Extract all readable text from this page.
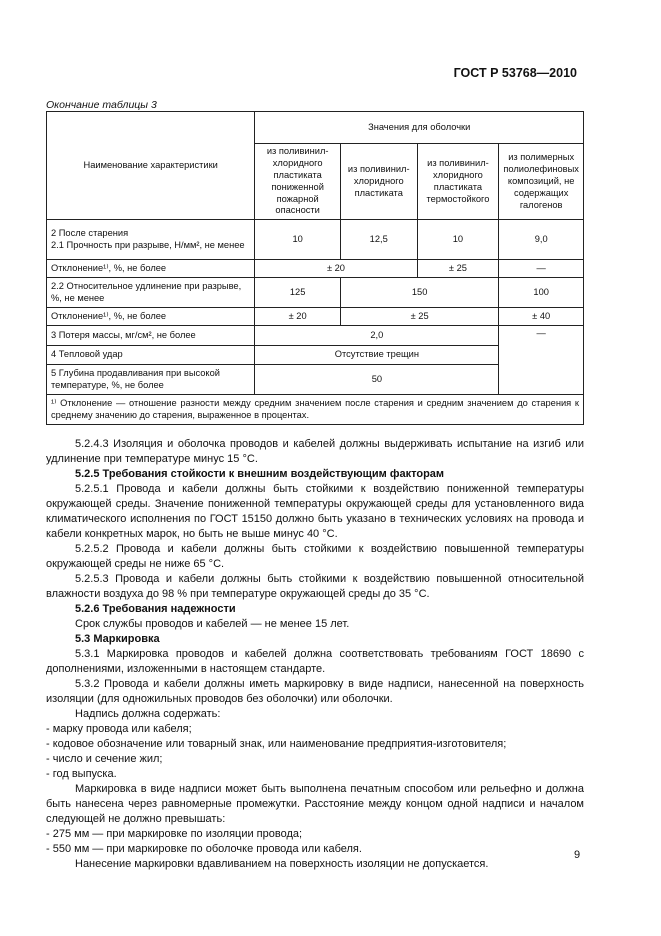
ГОСТ Р 53768—2010
Окончание таблицы 3
Наименование характеристики	Значения для оболочки			
	из поливинил-хлоридного пластиката пониженной пожарной опасности	из поливинил-хлоридного пластиката	из поливинил-хлоридного пластиката термостойкого	из полимерных полиолефиновых композиций, не содержащих галогенов
2 После старения
2.1 Прочность при разрыве, Н/мм², не менее	10	12,5	10	9,0
Отклонение¹⁾, %, не более	± 20		± 25	—
2.2 Относительное удлинение при разрыве, %, не менее	125	150		100
Отклонение¹⁾, %, не более	± 20	± 25		± 40
3 Потеря массы, мг/см², не более	2,0			—
4 Тепловой удар	Отсутствие трещин			
5 Глубина продавливания при высокой температуре, %, не более	50			
¹⁾ Отклонение — отношение разности между средним значением после старения и средним значением до старения к среднему значению до старения, выраженное в процентах.				

5.2.4.3 Изоляция и оболочка проводов и кабелей должны выдерживать испытание на изгиб или удлинение при температуре минус 15 °С.

5.2.5 Требования стойкости к внешним воздействующим факторам

5.2.5.1 Провода и кабели должны быть стойкими к воздействию пониженной температуры окружающей среды. Значение пониженной температуры окружающей среды для установленного вида климатического исполнения по ГОСТ 15150 должно быть указано в технических условиях на провода и кабели конкретных марок, но быть не выше минус 40 °С.

5.2.5.2 Провода и кабели должны быть стойкими к воздействию повышенной температуры окружающей среды не ниже 65 °С.

5.2.5.3 Провода и кабели должны быть стойкими к воздействию повышенной относительной влажности воздуха до 98 % при температуре окружающей среды до 35 °С.

5.2.6 Требования надежности

Срок службы проводов и кабелей — не менее 15 лет.

5.3 Маркировка

5.3.1 Маркировка проводов и кабелей должна соответствовать требованиям ГОСТ 18690 с дополнениями, изложенными в настоящем стандарте.

5.3.2 Провода и кабели должны иметь маркировку в виде надписи, нанесенной на поверхность изоляции (для одножильных проводов без оболочки) или оболочки.

Надпись должна содержать:

- марку провода или кабеля;

- кодовое обозначение или товарный знак, или наименование предприятия-изготовителя;

- число и сечение жил;

- год выпуска.

Маркировка в виде надписи может быть выполнена печатным способом или рельефно и должна быть нанесена через равномерные промежутки. Расстояние между концом одной надписи и началом следующей не должно превышать:

- 275 мм — при маркировке по изоляции провода;

- 550 мм — при маркировке по оболочке провода или кабеля.

Нанесение маркировки вдавливанием на поверхность изоляции не допускается.

9
